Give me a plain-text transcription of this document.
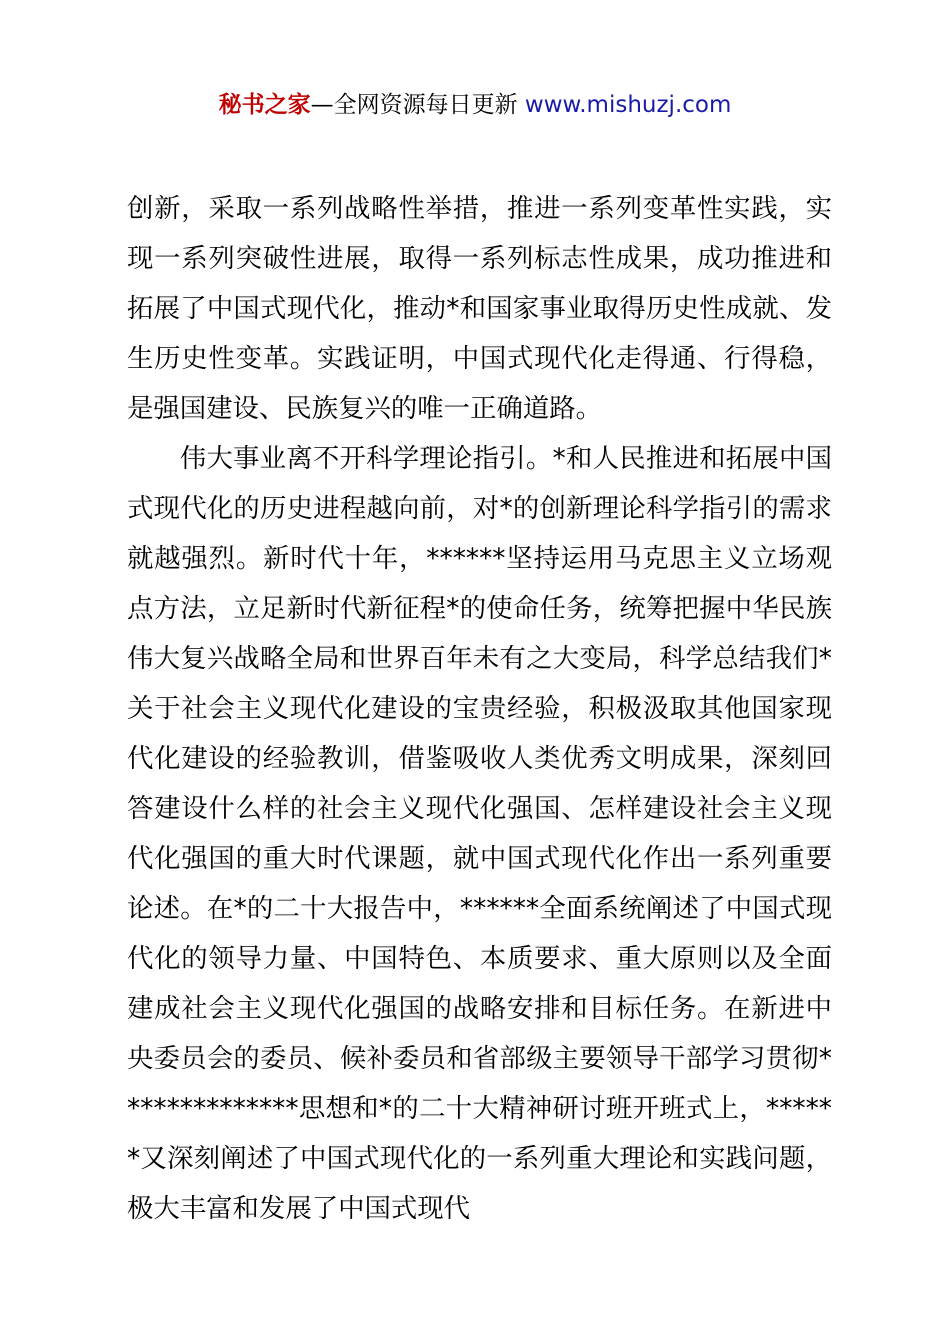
秘书之家—全网资源每日更新 www.mishuzj.com

创新，采取一系列战略性举措，推进一系列变革性实践，实现一系列突破性进展，取得一系列标志性成果，成功推进和拓展了中国式现代化，推动*和国家事业取得历史性成就、发生历史性变革。实践证明，中国式现代化走得通、行得稳，是强国建设、民族复兴的唯一正确道路。

伟大事业离不开科学理论指引。*和人民推进和拓展中国式现代化的历史进程越向前，对*的创新理论科学指引的需求就越强烈。新时代十年，******坚持运用马克思主义立场观点方法，立足新时代新征程*的使命任务，统筹把握中华民族伟大复兴战略全局和世界百年未有之大变局，科学总结我们*关于社会主义现代化建设的宝贵经验，积极汲取其他国家现代化建设的经验教训，借鉴吸收人类优秀文明成果，深刻回答建设什么样的社会主义现代化强国、怎样建设社会主义现代化强国的重大时代课题，就中国式现代化作出一系列重要论述。在*的二十大报告中，******全面系统阐述了中国式现代化的领导力量、中国特色、本质要求、重大原则以及全面建成社会主义现代化强国的战略安排和目标任务。在新进中央委员会的委员、候补委员和省部级主要领导干部学习贯彻**************思想和*的二十大精神研讨班开班式上，******又深刻阐述了中国式现代化的一系列重大理论和实践问题，极大丰富和发展了中国式现代
